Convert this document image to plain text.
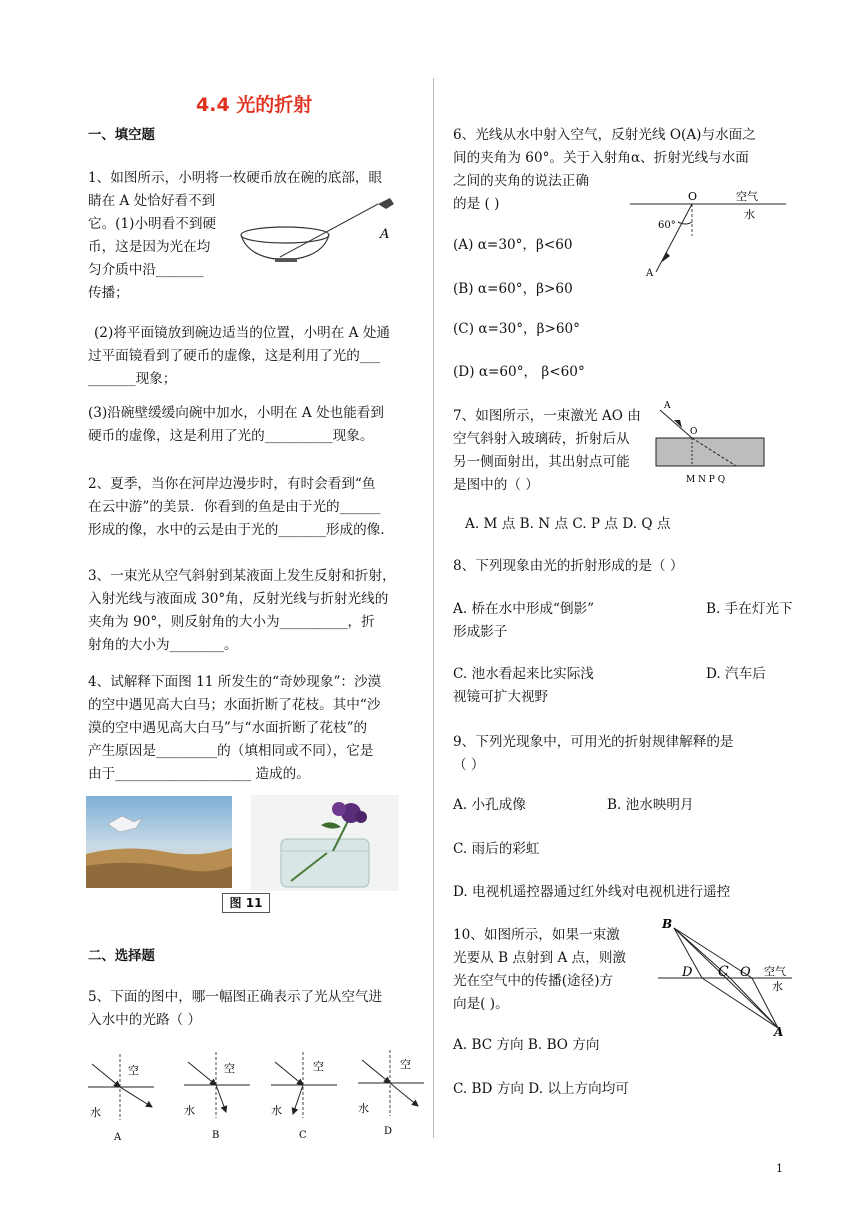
4.4 光的折射
一、填空题
1、如图所示，小明将一枚硬币放在碗的底部，眼
睛在 A 处恰好看不到
它。(1)小明看不到硬
币，这是因为光在均
匀介质中沿_______
传播；
A
(2)将平面镜放到碗边适当的位置，小明在 A 处通
过平面镜看到了硬币的虚像，这是利用了光的___
_______现象；
(3)沿碗壁缓缓向碗中加水，小明在 A 处也能看到
硬币的虚像，这是利用了光的__________现象。
2、夏季，当你在河岸边漫步时，有时会看到“鱼
在云中游”的美景．你看到的鱼是由于光的______
形成的像，水中的云是由于光的_______形成的像.
3、一束光从空气斜射到某液面上发生反射和折射，
入射光线与液面成 30°角，反射光线与折射光线的
夹角为 90°，则反射角的大小为__________，折
射角的大小为________。
4、试解释下面图 11 所发生的“奇妙现象”：沙漠
的空中遇见高大白马；水面折断了花枝。其中“沙
漠的空中遇见高大白马”与“水面折断了花枝”的
产生原因是_________的（填相同或不同），它是
由于____________________ 造成的。
图 11
二、选择题
5、下面的图中，哪一幅图正确表示了光从空气进
入水中的光路（ ）
空
水
A
空
水
B
空
水
C
空
水
D
6、光线从水中射入空气，反射光线 O(A)与水面之
间的夹角为 60°。关于入射角α、折射光线与水面
之间的夹角的说法正确
的是 ( )	O
60°
空气
水
A
(A) α=30°，β<60
(B) α=60°，β>60
(C) α=30°，β>60°
(D) α=60°， β<60°
7、如图所示，一束激光 AO 由
空气斜射入玻璃砖，折射后从
另一侧面射出，其出射点可能
是图中的（ ）
A
O
M N P Q
A. M 点 B. N 点 C. P 点 D. Q 点
8、下列现象由光的折射形成的是（ ）
A. 桥在水中形成“倒影”	B. 手在灯光下
形成影子
C. 池水看起来比实际浅	D. 汽车后
视镜可扩大视野
9、下列光现象中，可用光的折射规律解释的是
（ ）
A. 小孔成像	B. 池水映明月
C. 雨后的彩虹
D. 电视机遥控器通过红外线对电视机进行遥控
10、如图所示，如果一束激
光要从 B 点射到 A 点，则激
光在空气中的传播(途径)方
向是( )。
B
D C O 空气
水
A
A. BC 方向 B. BO 方向
C. BD 方向 D. 以上方向均可
1
